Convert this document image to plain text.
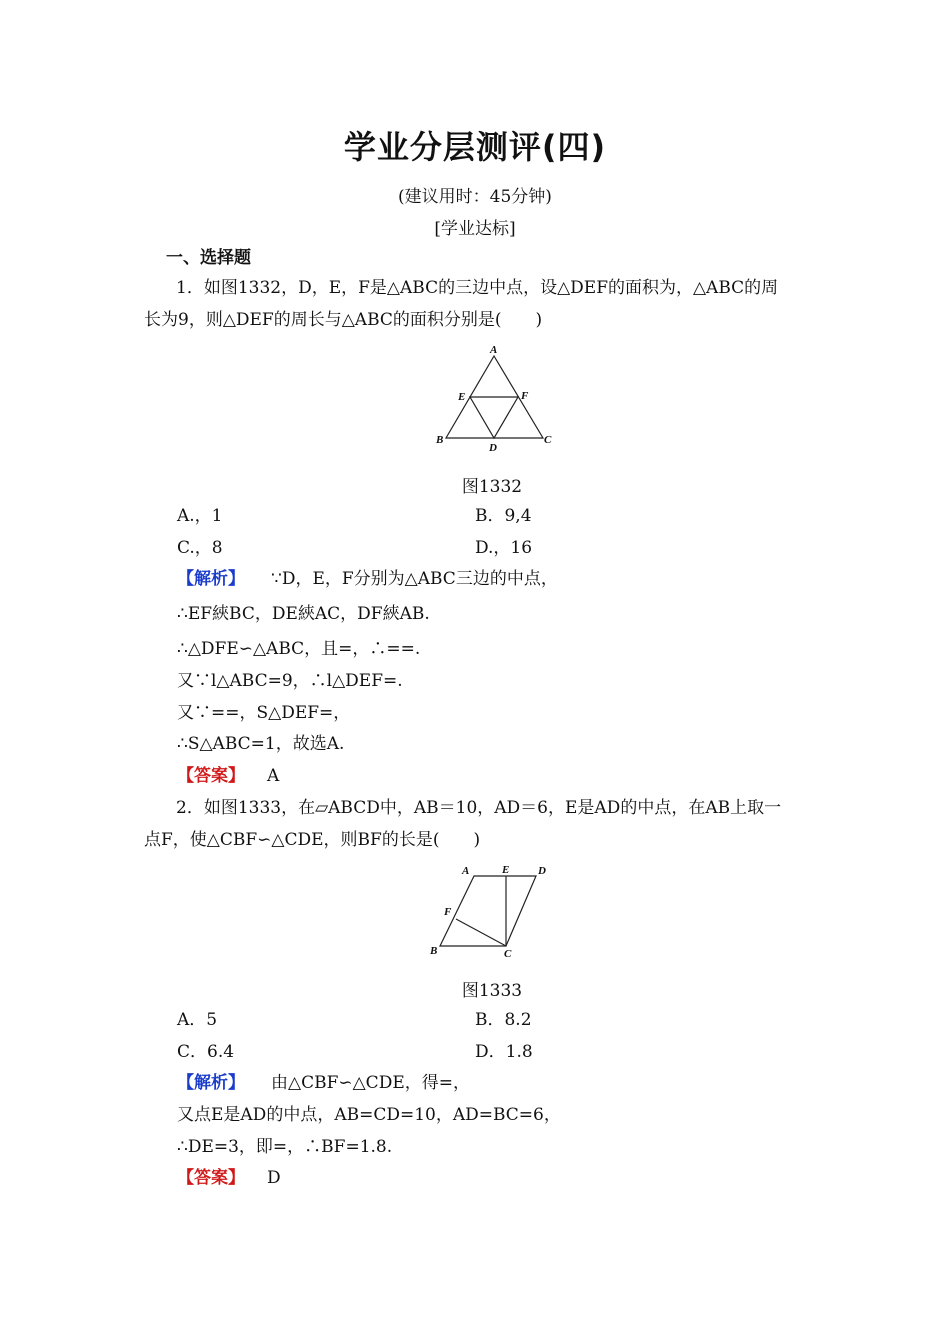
学业分层测评(四)
(建议用时：45分钟)
[学业达标]
一、选择题
1．如图1332，D，E，F是△ABC的三边中点，设△DEF的面积为，△ABC的周
长为9，则△DEF的周长与△ABC的面积分别是(　　)
A
E	F
B	C
D
图1332
A.，1	B．9,4
C.，8	D.，16
【解析】 ∵D，E，F分别为△ABC三边的中点，
∴EF綊BC，DE綊AC，DF綊AB.
∴△DFE∽△ABC，且=，∴==.
又∵l△ABC=9，∴l△DEF=.
又∵==，S△DEF=，
∴S△ABC=1，故选A.
【答案】 A
2．如图1333，在▱ABCD中，AB＝10，AD＝6，E是AD的中点，在AB上取一
点F，使△CBF∽△CDE，则BF的长是(　　)
A	E	D
F
B	C
图1333
A．5	B．8.2
C．6.4	D．1.8
【解析】 由△CBF∽△CDE，得=，
又点E是AD的中点，AB=CD=10，AD=BC=6，
∴DE=3，即=，∴BF=1.8.
【答案】 D
